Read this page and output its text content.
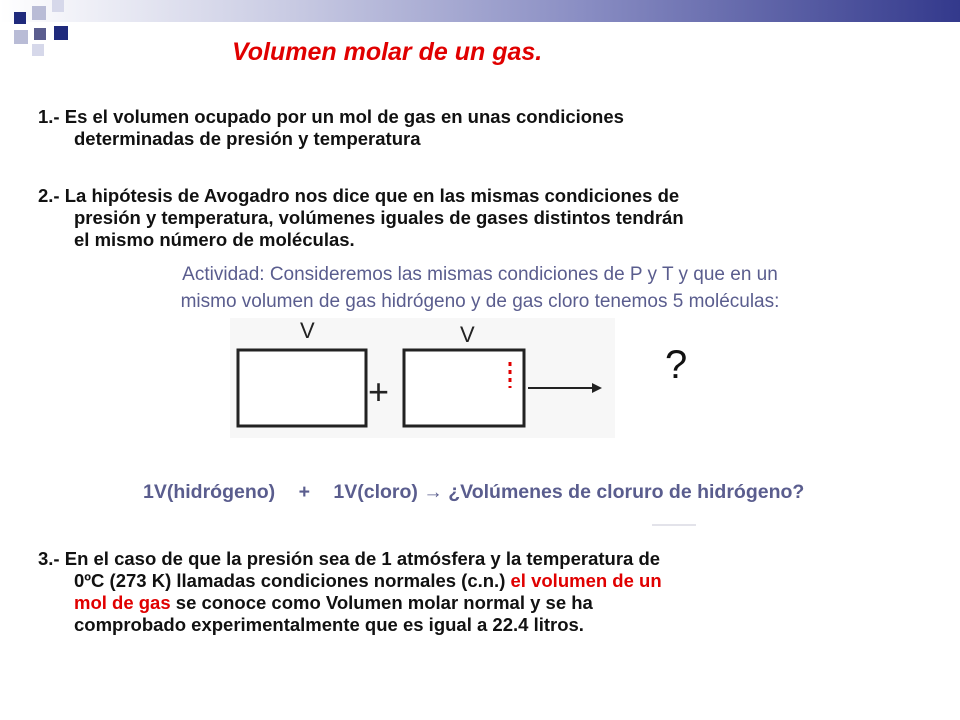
Volumen molar de un gas.
1.- Es el volumen ocupado por un mol de gas en unas condiciones
determinadas de presión y temperatura
2.- La hipótesis de Avogadro nos dice que en las mismas condiciones de
presión y temperatura, volúmenes iguales de gases distintos tendrán
el mismo número de moléculas.
Actividad: Consideremos las mismas condiciones de P y T y que en un
mismo volumen de gas hidrógeno y de gas cloro tenemos 5 moléculas:
V	V
+
?

1V(hidrógeno) + 1V(cloro) → ¿Volúmenes de cloruro de hidrógeno?

3.- En el caso de que la presión sea de 1 atmósfera y la temperatura de
0ºC (273 K) llamadas condiciones normales (c.n.) el volumen de un
mol de gas se conoce como Volumen molar normal y se ha
comprobado experimentalmente que es igual a 22.4 litros.
